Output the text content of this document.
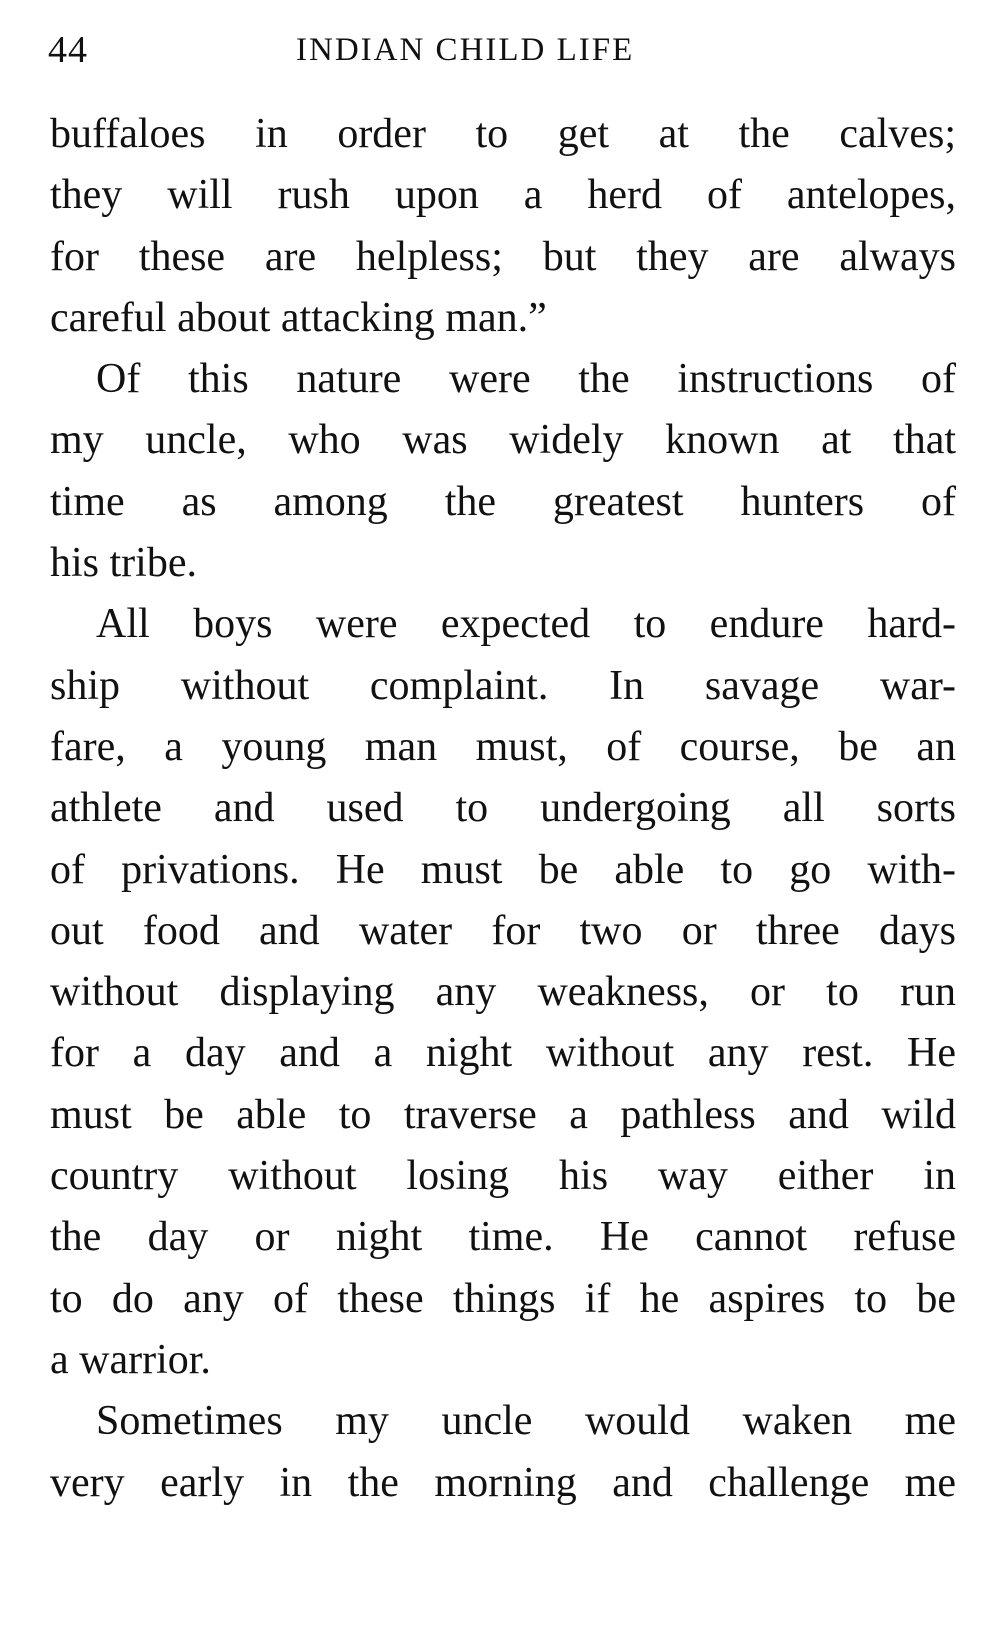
44	INDIAN CHILD LIFE
buffaloes in order to get at the calves;
they will rush upon a herd of antelopes,
for these are helpless; but they are always
careful about attacking man.”
Of this nature were the instructions of
my uncle, who was widely known at that
time as among the greatest hunters of
his tribe.
All boys were expected to endure hard-
ship without complaint. In savage war-
fare, a young man must, of course, be an
athlete and used to undergoing all sorts
of privations. He must be able to go with-
out food and water for two or three days
without displaying any weakness, or to run
for a day and a night without any rest. He
must be able to traverse a pathless and wild
country without losing his way either in
the day or night time. He cannot refuse
to do any of these things if he aspires to be
a warrior.
Sometimes my uncle would waken me
very early in the morning and challenge me
